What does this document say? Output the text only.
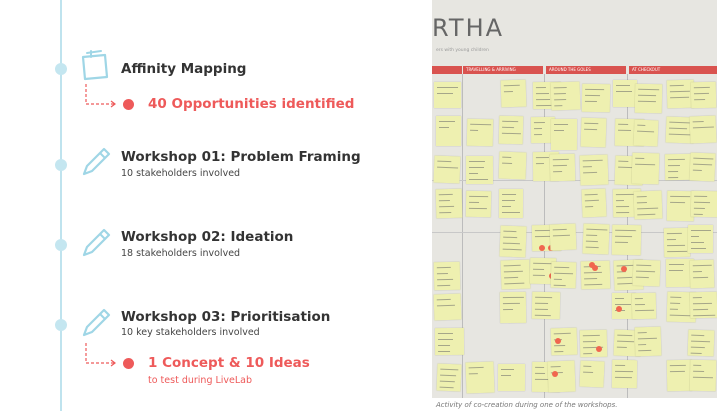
Affinity Mapping
40 Opportunities identified
Workshop 01: Problem Framing
10 stakeholders involved
Workshop 02: Ideation
18 stakeholders involved
Workshop 03: Prioritisation
10 key stakeholders involved
1 Concept & 10 Ideas
to test during LiveLab
RTHA
ers with young children
TRAVELLING & ARRIVING	AROUND THE GOLES	AT CHECKOUT
Activity of co-creation during one of the workshops.
